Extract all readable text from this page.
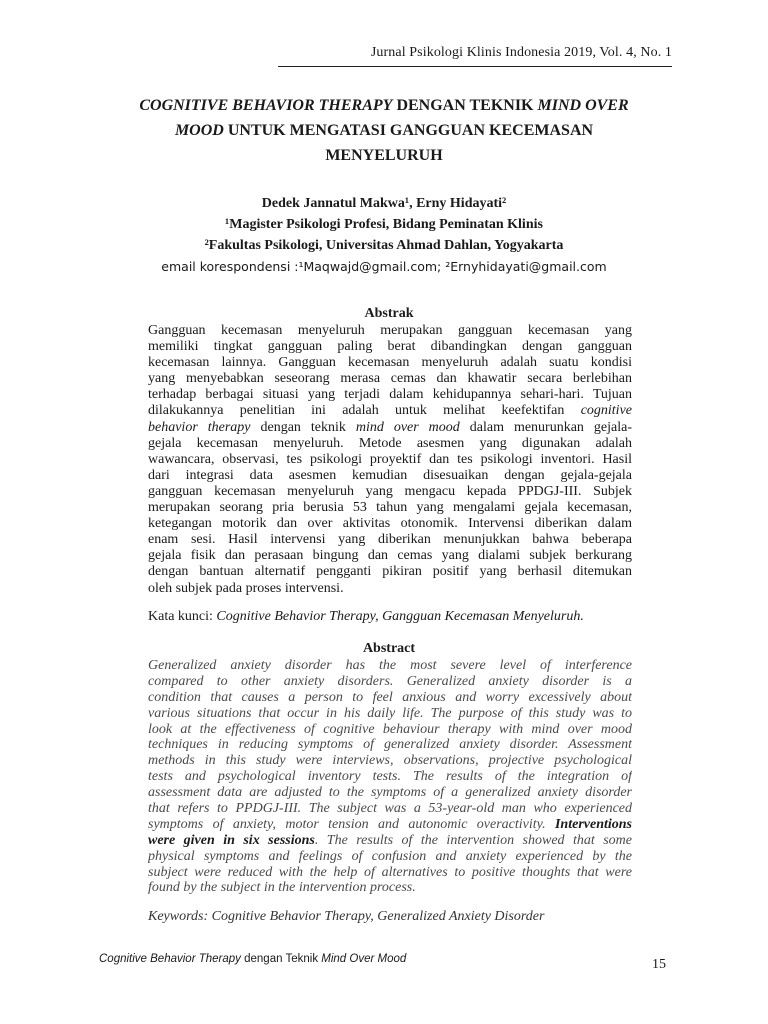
Jurnal Psikologi Klinis Indonesia 2019, Vol. 4, No. 1
COGNITIVE BEHAVIOR THERAPY DENGAN TEKNIK MIND OVER
MOOD UNTUK MENGATASI GANGGUAN KECEMASAN
MENYELURUH
Dedek Jannatul Makwa¹, Erny Hidayati²
¹Magister Psikologi Profesi, Bidang Peminatan Klinis
²Fakultas Psikologi, Universitas Ahmad Dahlan, Yogyakarta
email korespondensi :¹Maqwajd@gmail.com; ²Ernyhidayati@gmail.com
Abstrak
Gangguan kecemasan menyeluruh merupakan gangguan kecemasan yang
memiliki tingkat gangguan paling berat dibandingkan dengan gangguan
kecemasan lainnya. Gangguan kecemasan menyeluruh adalah suatu kondisi
yang menyebabkan seseorang merasa cemas dan khawatir secara berlebihan
terhadap berbagai situasi yang terjadi dalam kehidupannya sehari-hari. Tujuan
dilakukannya penelitian ini adalah untuk melihat keefektifan cognitive
behavior therapy dengan teknik mind over mood dalam menurunkan gejala-
gejala kecemasan menyeluruh. Metode asesmen yang digunakan adalah
wawancara, observasi, tes psikologi proyektif dan tes psikologi inventori. Hasil
dari integrasi data asesmen kemudian disesuaikan dengan gejala-gejala
gangguan kecemasan menyeluruh yang mengacu kepada PPDGJ-III. Subjek
merupakan seorang pria berusia 53 tahun yang mengalami gejala kecemasan,
ketegangan motorik dan over aktivitas otonomik. Intervensi diberikan dalam
enam sesi. Hasil intervensi yang diberikan menunjukkan bahwa beberapa
gejala fisik dan perasaan bingung dan cemas yang dialami subjek berkurang
dengan bantuan alternatif pengganti pikiran positif yang berhasil ditemukan
oleh subjek pada proses intervensi.
Kata kunci: Cognitive Behavior Therapy, Gangguan Kecemasan Menyeluruh.
Abstract
Generalized anxiety disorder has the most severe level of interference
compared to other anxiety disorders. Generalized anxiety disorder is a
condition that causes a person to feel anxious and worry excessively about
various situations that occur in his daily life. The purpose of this study was to
look at the effectiveness of cognitive behaviour therapy with mind over mood
techniques in reducing symptoms of generalized anxiety disorder. Assessment
methods in this study were interviews, observations, projective psychological
tests and psychological inventory tests. The results of the integration of
assessment data are adjusted to the symptoms of a generalized anxiety disorder
that refers to PPDGJ-III. The subject was a 53-year-old man who experienced
symptoms of anxiety, motor tension and autonomic overactivity. Interventions
were given in six sessions. The results of the intervention showed that some
physical symptoms and feelings of confusion and anxiety experienced by the
subject were reduced with the help of alternatives to positive thoughts that were
found by the subject in the intervention process.
Keywords: Cognitive Behavior Therapy, Generalized Anxiety Disorder
Cognitive Behavior Therapy dengan Teknik Mind Over Mood	15
